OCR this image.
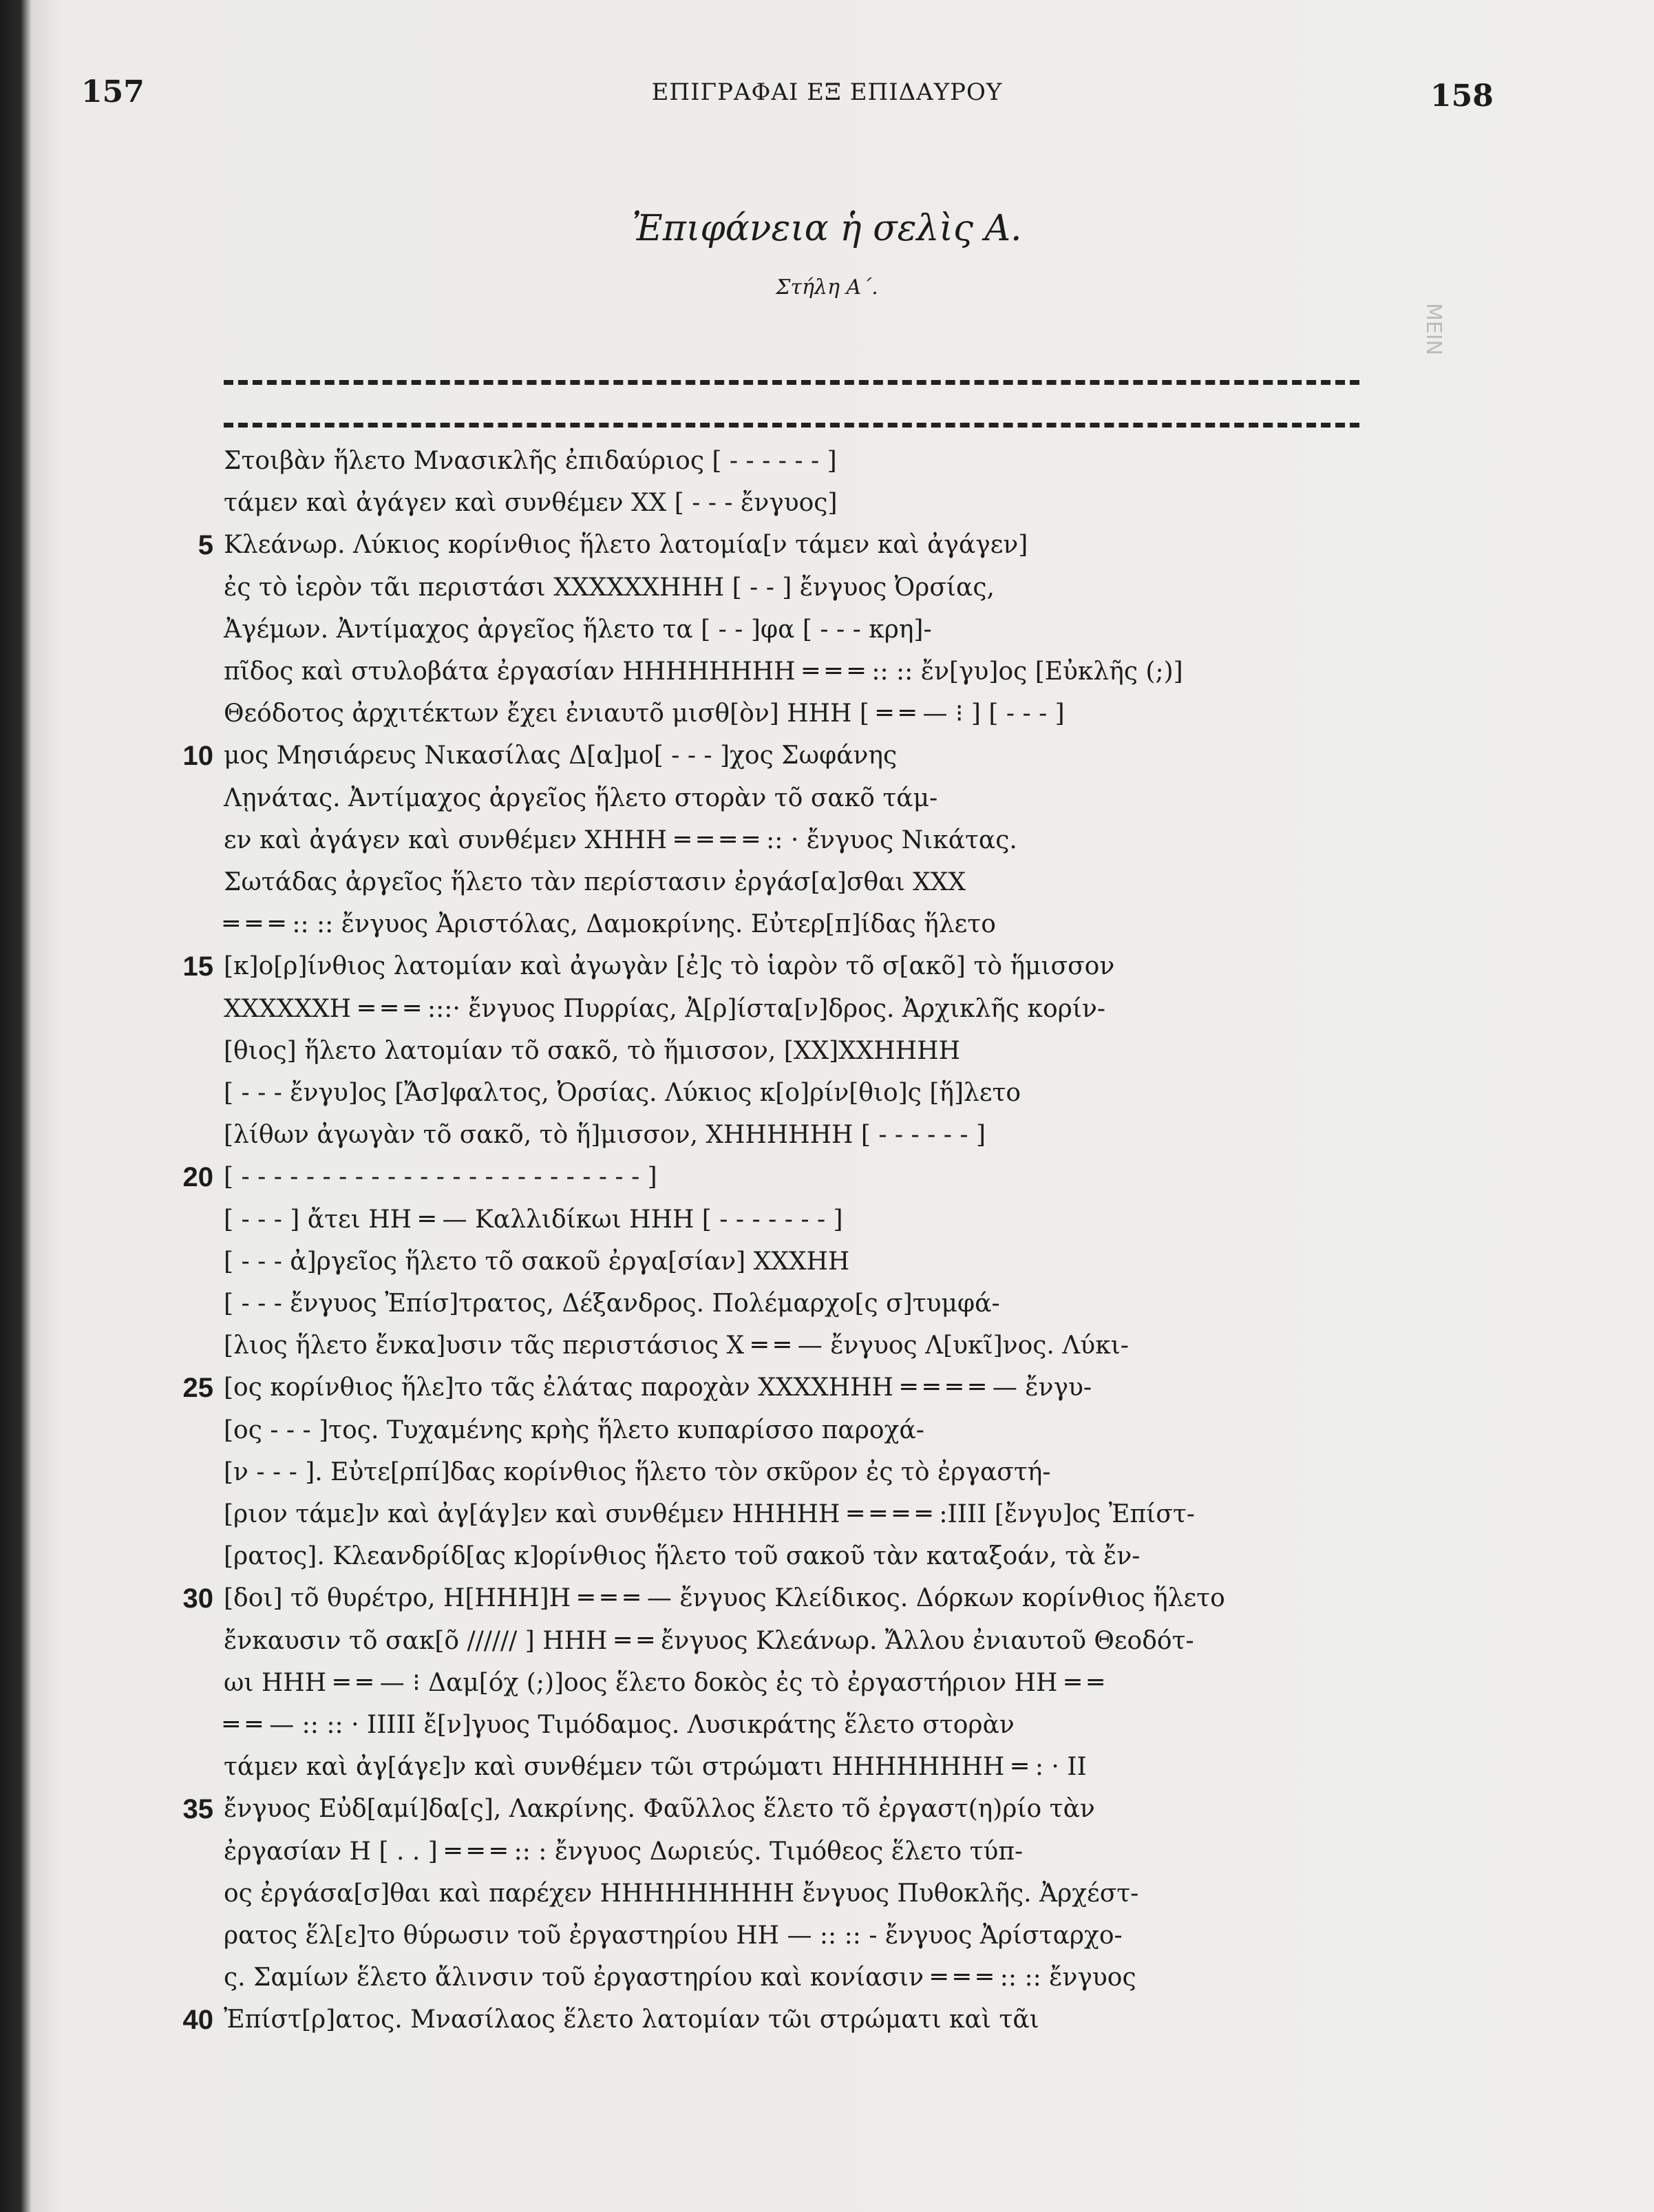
157	ΕΠΙΓΡΑΦΑΙ ΕΞ ΕΠΙΔΑΥΡΟΥ	158
Ἐπιφάνεια ἡ σελὶς Α.
Στήλη Α΄.
ΜΕΙΝ
Στοιβὰν ἥλετο Μνασικλῆς ἐπιδαύριος [ - - - - - - ]
τάμεν καὶ ἀγάγεν καὶ συνθέμεν ΧΧ [ - - - ἔνγυος]
5 Κλεάνωρ. Λύκιος κορίνθιος ἥλετο λατομία[ν τάμεν καὶ ἀγάγεν]
ἐς τὸ ἱερὸν τᾶι περιστάσι ΧΧΧΧΧΧΗΗΗ [ - - ] ἔνγυος Ὀρσίας,
Ἀγέμων. Ἀντίμαχος ἀργεῖος ἥλετο τα [ - - ]φα [ - - - κρη]-
πῖδος καὶ στυλοβάτα ἐργασίαν ΗΗΗΗΗΗΗΗ ═ ═ ═ :: :: ἔν[γυ]ος [Εὐκλῆς (;)]
Θεόδοτος ἀρχιτέκτων ἔχει ἐνιαυτõ μισθ[ὸν] ΗΗΗ [ ═ ═ — ⁝ ] [ - - - ]
10 μος Μησιάρευς Νικασίλας Δ[α]μο[ - - - ]χος Σωφάνης
Λῃνάτας. Ἀντίμαχος ἀργεῖος ἥλετο στορὰν τõ σακõ τάμ-
εν καὶ ἀγάγεν καὶ συνθέμεν ΧΗΗΗ ═ ═ ═ ═ :: · ἔνγυος Νικάτας.
Σωτάδας ἀργεῖος ἥλετο τὰν περίστασιν ἐργάσ[α]σθαι ΧΧΧ
═ ═ ═ :: :: ἔνγυος Ἀριστόλας, Δαμοκρίνης. Εὐτερ[π]ίδας ἥλετο
15 [κ]ο[ρ]ίνθιος λατομίαν καὶ ἀγωγὰν [ἐ]ς τὸ ἱαρὸν τõ σ[ακõ] τὸ ἥμισσον
ΧΧΧΧΧΧΗ ═ ═ ═ :::· ἔνγυος Πυρρίας, Ἀ[ρ]ίστα[ν]δρος. Ἀρχικλῆς κορίν-
[θιος] ἥλετο λατομίαν τõ σακõ, τὸ ἥμισσον, [ΧΧ]ΧΧΗΗΗΗ
[ - - - ἔνγυ]ος [Ἄσ]φαλτος, Ὀρσίας. Λύκιος κ[ο]ρίν[θιο]ς [ἥ]λετο
[λίθων ἀγωγὰν τõ σακõ, τὸ ἥ]μισσον, ΧΗΗΗΗΗΗ [ - - - - - - ]
20 [ - - - - - - - - - - - - - - - - - - - - - - - - - ]
[ - - - ] ἄτει ΗΗ ═ — Καλλιδίκωι ΗΗΗ [ - - - - - - - ]
[ - - - ἀ]ργεῖος ἥλετο τõ σακοῦ ἐργα[σίαν] ΧΧΧΗΗ
[ - - - ἔνγυος Ἐπίσ]τρατος, Δέξανδρος. Πολέμαρχο[ς σ]τυμφά-
[λιος ἥλετο ἔνκα]υσιν τᾶς περιστάσιος Χ ═ ═ — ἔνγυος Λ[υκῖ]νος. Λύκι-
25 [ος κορίνθιος ἥλε]το τᾶς ἐλάτας παροχὰν ΧΧΧΧΗΗΗ ═ ═ ═ ═ — ἔνγυ-
[ος - - - ]τος. Τυχαμένης κρὴς ἥλετο κυπαρίσσο παροχά-
[ν - - - ]. Εὐτε[ρπί]δας κορίνθιος ἥλετο τὸν σκῦρον ἐς τὸ ἐργαστή-
[ριον τάμε]ν καὶ ἀγ[άγ]εν καὶ συνθέμεν ΗΗΗΗΗ ═ ═ ═ ═ :ΙΙΙΙ [ἔνγυ]ος Ἐπίστ-
[ρατος]. Κλεανδρίδ[ας κ]ορίνθιος ἥλετο τοῦ σακοῦ τὰν καταξοάν, τὰ ἔν-
30 [δοι] τõ θυρέτρο, Η[ΗΗΗ]Η ═ ═ ═ — ἔνγυος Κλείδικος. Δόρκων κορίνθιος ἥλετο
ἔνκαυσιν τõ σακ[õ ////// ] ΗΗΗ ═ ═ ἔνγυος Κλεάνωρ. Ἄλλου ἐνιαυτοῦ Θεοδότ-
ωι ΗΗΗ ═ ═ — ⁝ Δαμ[όχ (;)]οος ἕλετο δοκὸς ἐς τὸ ἐργαστήριον ΗΗ ═ ═
═ ═ — :: :: · ΙΙΙΙΙ ἔ[ν]γυος Τιμόδαμος. Λυσικράτης ἕλετο στορὰν
τάμεν καὶ ἀγ[άγε]ν καὶ συνθέμεν τῶι στρώματι ΗΗΗΗΗΗΗΗ ═ : · ΙΙ
35 ἔνγυος Εὐδ[αμί]δα[ς], Λακρίνης. Φαῦλλος ἕλετο τõ ἐργαστ(η)ρίο τὰν
ἐργασίαν Η [ . . ] ═ ═ ═ :: : ἔνγυος Δωριεύς. Τιμόθεος ἕλετο τύπ-
ος ἐργάσα[σ]θαι καὶ παρέχεν ΗΗΗΗΗΗΗΗΗ ἔνγυος Πυθοκλῆς. Ἀρχέστ-
ρατος ἕλ[ε]το θύρωσιν τοῦ ἐργαστηρίου ΗΗ — :: :: - ἔνγυος Ἀρίσταρχο-
ς. Σαμίων ἕλετο ἄλινσιν τοῦ ἐργαστηρίου καὶ κονίασιν ═ ═ ═ :: :: ἔνγυος
40 Ἐπίστ[ρ]ατος. Μνασίλαος ἕλετο λατομίαν τῶι στρώματι καὶ τᾶι
